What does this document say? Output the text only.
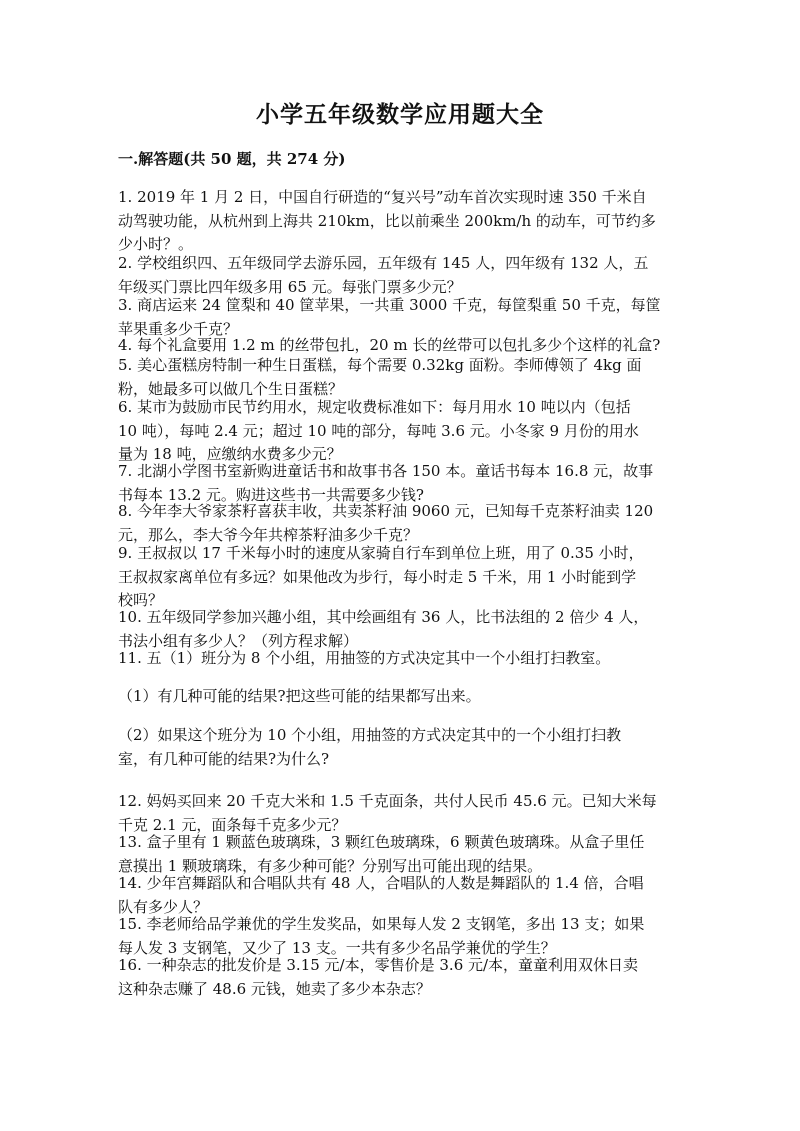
小学五年级数学应用题大全
一.解答题(共 50 题，共 274 分)
1. 2019 年 1 月 2 日，中国自行研造的“复兴号”动车首次实现时速 350 千米自
动驾驶功能，从杭州到上海共 210km，比以前乘坐 200km/h 的动车，可节约多
少小时？。
2. 学校组织四、五年级同学去游乐园，五年级有 145 人，四年级有 132 人，五
年级买门票比四年级多用 65 元。每张门票多少元？
3. 商店运来 24 筐梨和 40 筐苹果，一共重 3000 千克，每筐梨重 50 千克，每筐
苹果重多少千克？
4. 每个礼盒要用 1.2 m 的丝带包扎，20 m 长的丝带可以包扎多少个这样的礼盒?
5. 美心蛋糕房特制一种生日蛋糕，每个需要 0.32kg 面粉。李师傅领了 4kg 面
粉，她最多可以做几个生日蛋糕？
6. 某市为鼓励市民节约用水，规定收费标准如下：每月用水 10 吨以内（包括
10 吨），每吨 2.4 元；超过 10 吨的部分，每吨 3.6 元。小冬家 9 月份的用水
量为 18 吨，应缴纳水费多少元？
7. 北湖小学图书室新购进童话书和故事书各 150 本。童话书每本 16.8 元，故事
书每本 13.2 元。购进这些书一共需要多少钱?
8. 今年李大爷家茶籽喜获丰收，共卖茶籽油 9060 元，已知每千克茶籽油卖 120
元，那么，李大爷今年共榨茶籽油多少千克？
9. 王叔叔以 17 千米每小时的速度从家骑自行车到单位上班，用了 0.35 小时，
王叔叔家离单位有多远？如果他改为步行，每小时走 5 千米，用 1 小时能到学
校吗？
10. 五年级同学参加兴趣小组，其中绘画组有 36 人，比书法组的 2 倍少 4 人，
书法小组有多少人？（列方程求解）
11. 五（1）班分为 8 个小组，用抽签的方式决定其中一个小组打扫教室。
（1）有几种可能的结果?把这些可能的结果都写出来。
（2）如果这个班分为 10 个小组，用抽签的方式决定其中的一个小组打扫教
室，有几种可能的结果?为什么?
12. 妈妈买回来 20 千克大米和 1.5 千克面条，共付人民币 45.6 元。已知大米每
千克 2.1 元，面条每千克多少元？
13. 盒子里有 1 颗蓝色玻璃珠，3 颗红色玻璃珠，6 颗黄色玻璃珠。从盒子里任
意摸出 1 颗玻璃珠，有多少种可能？分别写出可能出现的结果。
14. 少年宫舞蹈队和合唱队共有 48 人，合唱队的人数是舞蹈队的 1.4 倍，合唱
队有多少人？
15. 李老师给品学兼优的学生发奖品，如果每人发 2 支钢笔，多出 13 支；如果
每人发 3 支钢笔，又少了 13 支。一共有多少名品学兼优的学生？
16. 一种杂志的批发价是 3.15 元/本，零售价是 3.6 元/本，童童利用双休日卖
这种杂志赚了 48.6 元钱，她卖了多少本杂志？
